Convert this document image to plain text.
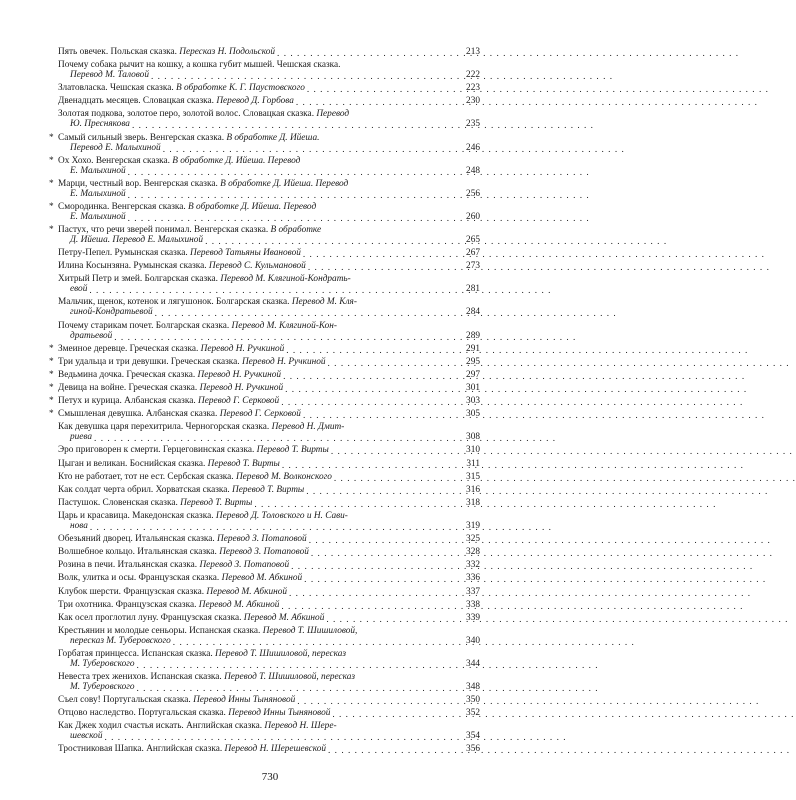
Пять овечек. Польская сказка. Пересказ Н. Подольской . . .	213
Почему собака рычит на кошку, а кошка губит мышей. Чешская сказка.
Перевод М. Таловой . . .	222
Златовласка. Чешская сказка. В обработке К. Г. Паустовского . . .	223
Двенадцать месяцев. Словацкая сказка. Перевод Д. Горбова . . .	230
Золотая подкова, золотое перо, золотой волос. Словацкая сказка. Перевод
Ю. Преснякова . . .	235
* Самый сильный зверь. Венгерская сказка. В обработке Д. Ийеша.
Перевод Е. Малыхиной . . .	246
* Ох Хохо. Венгерская сказка. В обработке Д. Ийеша. Перевод
Е. Малыхиной . . .	248
* Марци, честный вор. Венгерская сказка. В обработке Д. Ийеша. Перевод
Е. Малыхиной . . .	256
* Смородинка. Венгерская сказка. В обработке Д. Ийеша. Перевод
Е. Малыхиной . . .	260
* Пастух, что речи зверей понимал. Венгерская сказка. В обработке
Д. Ийеша. Перевод Е. Малыхиной . . .	265
Петру-Пепел. Румынская сказка. Перевод Татьяны Ивановой . . .	267
Илина Косынзяна. Румынская сказка. Перевод С. Кульмановой . . .	273
Хитрый Петр и змей. Болгарская сказка. Перевод М. Клягиной-Кондрать-
евой . . .	281
Мальчик, щенок, котенок и лягушонок. Болгарская сказка. Перевод М. Кля-
гиной-Кондратьевой . . .	284
Почему старикам почет. Болгарская сказка. Перевод М. Клягиной-Кон-
дратьевой . . .	289
* Змеиное деревце. Греческая сказка. Перевод Н. Ручкиной . . .	291
* Три удальца и три девушки. Греческая сказка. Перевод Н. Ручкиной . . .	295
* Ведьмина дочка. Греческая сказка. Перевод Н. Ручкиной . . .	297
* Девица на войне. Греческая сказка. Перевод Н. Ручкиной . . .	301
* Петух и курица. Албанская сказка. Перевод Г. Серковой . . .	303
* Смышленая девушка. Албанская сказка. Перевод Г. Серковой . . .	305
Как девушка царя перехитрила. Черногорская сказка. Перевод Н. Дмит-
риева . . .	308
Эро приговорен к смерти. Герцеговинская сказка. Перевод Т. Вирты . . .	310
Цыган и великан. Боснийская сказка. Перевод Т. Вирты . . .	311
Кто не работает, тот не ест. Сербская сказка. Перевод М. Волконского . . .	315
Как солдат черта обрил. Хорватская сказка. Перевод Т. Вирты . . .	316
Пастушок. Словенская сказка. Перевод Т. Вирты . . .	318
Царь и красавица. Македонская сказка. Перевод Д. Толовского и Н. Сави-
нова . . .	319
Обезьяний дворец. Итальянская сказка. Перевод З. Потаповой . . .	325
Волшебное кольцо. Итальянская сказка. Перевод З. Потаповой . . .	328
Розина в печи. Итальянская сказка. Перевод З. Потаповой . . .	332
Волк, улитка и осы. Французская сказка. Перевод М. Абкиной . . .	336
Клубок шерсти. Французская сказка. Перевод М. Абкиной . . .	337
Три охотника. Французская сказка. Перевод М. Абкиной . . .	338
Как осел проглотил луну. Французская сказка. Перевод М. Абкиной . . .	339
Крестьянин и молодые сеньоры. Испанская сказка. Перевод Т. Шишиловой,
пересказ М. Туберовского . . .	340
Горбатая принцесса. Испанская сказка. Перевод Т. Шишиловой, пересказ
М. Туберовского . . .	344
Невеста трех женихов. Испанская сказка. Перевод Т. Шишиловой, пересказ
М. Туберовского . . .	348
Съел сову! Португальская сказка. Перевод Инны Тыняновой . . .	350
Отцово наследство. Португальская сказка. Перевод Инны Тыняновой . . .	352
Как Джек ходил счастья искать. Английская сказка. Перевод Н. Шере-
шевской . . .	354
Тростниковая Шапка. Английская сказка. Перевод Н. Шерешевской . . .	356
730
